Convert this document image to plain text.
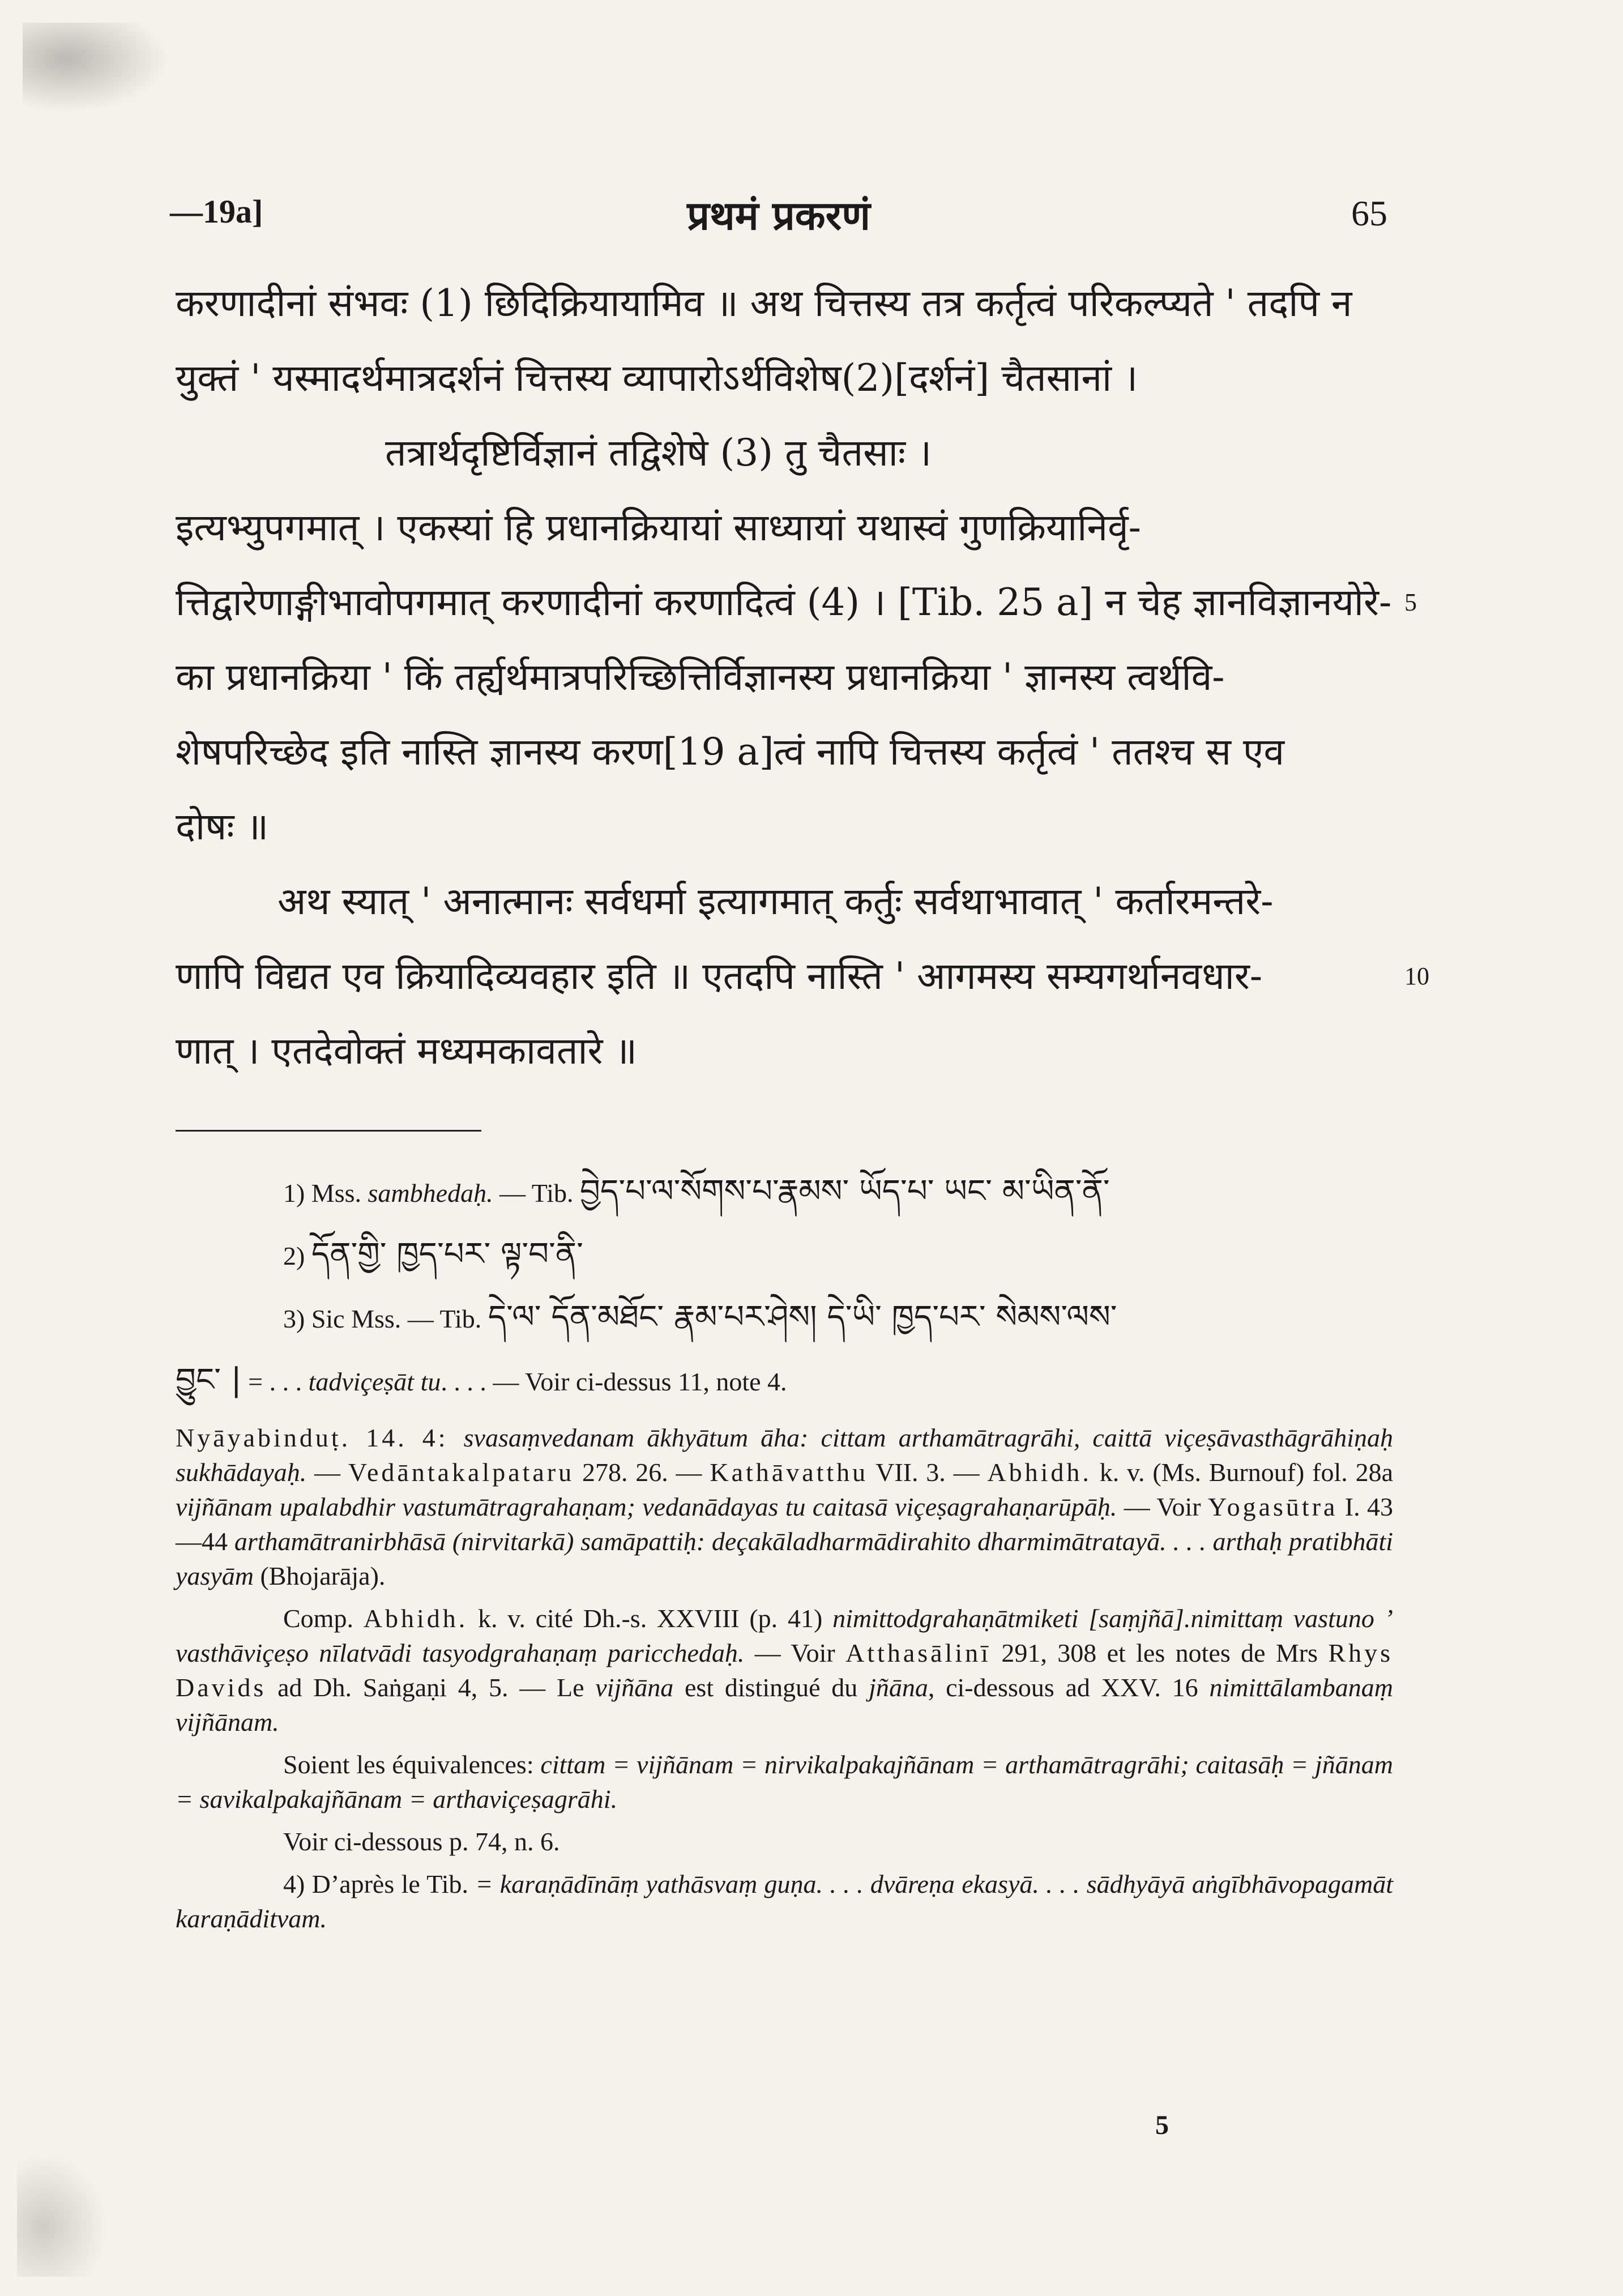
—19a]	प्रथमं प्रकरणं	65
करणादीनां संभवः (1) छिदिक्रियायामिव ॥ अथ चित्तस्य तत्र कर्तृत्वं परिकल्प्यते ' तदपि न
युक्तं ' यस्मादर्थमात्रदर्शनं चित्तस्य व्यापारोऽर्थविशेष(2)[दर्शनं] चैतसानां ।
तत्रार्थदृष्टिर्विज्ञानं तद्विशेषे (3) तु चैतसाः ।
इत्यभ्युपगमात् । एकस्यां हि प्रधानक्रियायां साध्यायां यथास्वं गुणक्रियानिर्वृ-
त्तिद्वारेणाङ्गीभावोपगमात् करणादीनां करणादित्वं (4) । [Tib. 25 a] न चेह ज्ञानविज्ञानयोरे- 5
का प्रधानक्रिया ' किं तर्ह्यर्थमात्रपरिच्छित्तिर्विज्ञानस्य प्रधानक्रिया ' ज्ञानस्य त्वर्थवि-
शेषपरिच्छेद इति नास्ति ज्ञानस्य करण[19 a]त्वं नापि चित्तस्य कर्तृत्वं ' ततश्च स एव
दोषः ॥
अथ स्यात् ' अनात्मानः सर्वधर्मा इत्यागमात् कर्तुः सर्वथाभावात् ' कर्तारमन्तरे-
णापि विद्यत एव क्रियादिव्यवहार इति ॥ एतदपि नास्ति ' आगमस्य सम्यगर्थानवधार-	10
णात् । एतदेवोक्तं मध्यमकावतारे ॥
1) Mss. sambhedaḥ. — Tib. བྱེད་པ་ལ་སོགས་པ་རྣམས་ ཡོད་པ་ ཡང་ མ་ཡིན་ནོ་
2) དོན་གྱི་ ཁྱད་པར་ ལྟ་བ་ནི་
3) Sic Mss. — Tib. དེ་ལ་ དོན་མཐོང་ རྣམ་པར་ཤེས། དེ་ཡི་ ཁྱད་པར་ སེམས་ལས་
བྱུང་ | = . . . tadviçeṣāt tu. . . . — Voir ci-dessus 11, note 4.
Nyāyabinduṭ. 14. 4: svasaṃvedanam ākhyātum āha: cittam arthamātragrāhi, caittā viçeṣāvasthāgrāhiṇaḥ sukhādayaḥ. — Vedāntakalpataru 278. 26. — Kathāvatthu VII. 3. — Abhidh. k. v. (Ms. Burnouf) fol. 28a vijñānam upalabdhir vastumātragrahaṇam; vedanādayas tu caitasā viçeṣagrahaṇarūpāḥ. — Voir Yogasūtra I. 43—44 arthamātranirbhāsā (nirvitarkā) samāpattiḥ: deçakāladharmādirahito dharmimātratayā. . . . arthaḥ pratibhāti yasyām (Bhojarāja).
Comp. Abhidh. k. v. cité Dh.-s. XXVIII (p. 41) nimittodgrahaṇātmiketi [saṃjñā].nimittaṃ vastuno ’ vasthāviçeṣo nīlatvādi tasyodgrahaṇaṃ paricchedaḥ. — Voir Atthasālinī 291, 308 et les notes de Mrs Rhys Davids ad Dh. Saṅgaṇi 4, 5. — Le vijñāna est distingué du jñāna, ci-dessous ad XXV. 16 nimittālambanaṃ vijñānam.
Soient les équivalences: cittam = vijñānam = nirvikalpakajñānam = arthamātragrāhi; caitasāḥ = jñānam = savikalpakajñānam = arthaviçeṣagrāhi.
Voir ci-dessous p. 74, n. 6.
4) D’après le Tib. = karaṇādīnāṃ yathāsvaṃ guṇa. . . . dvāreṇa ekasyā. . . . sādhyāyā aṅgībhāvopagamāt karaṇāditvam.
5
